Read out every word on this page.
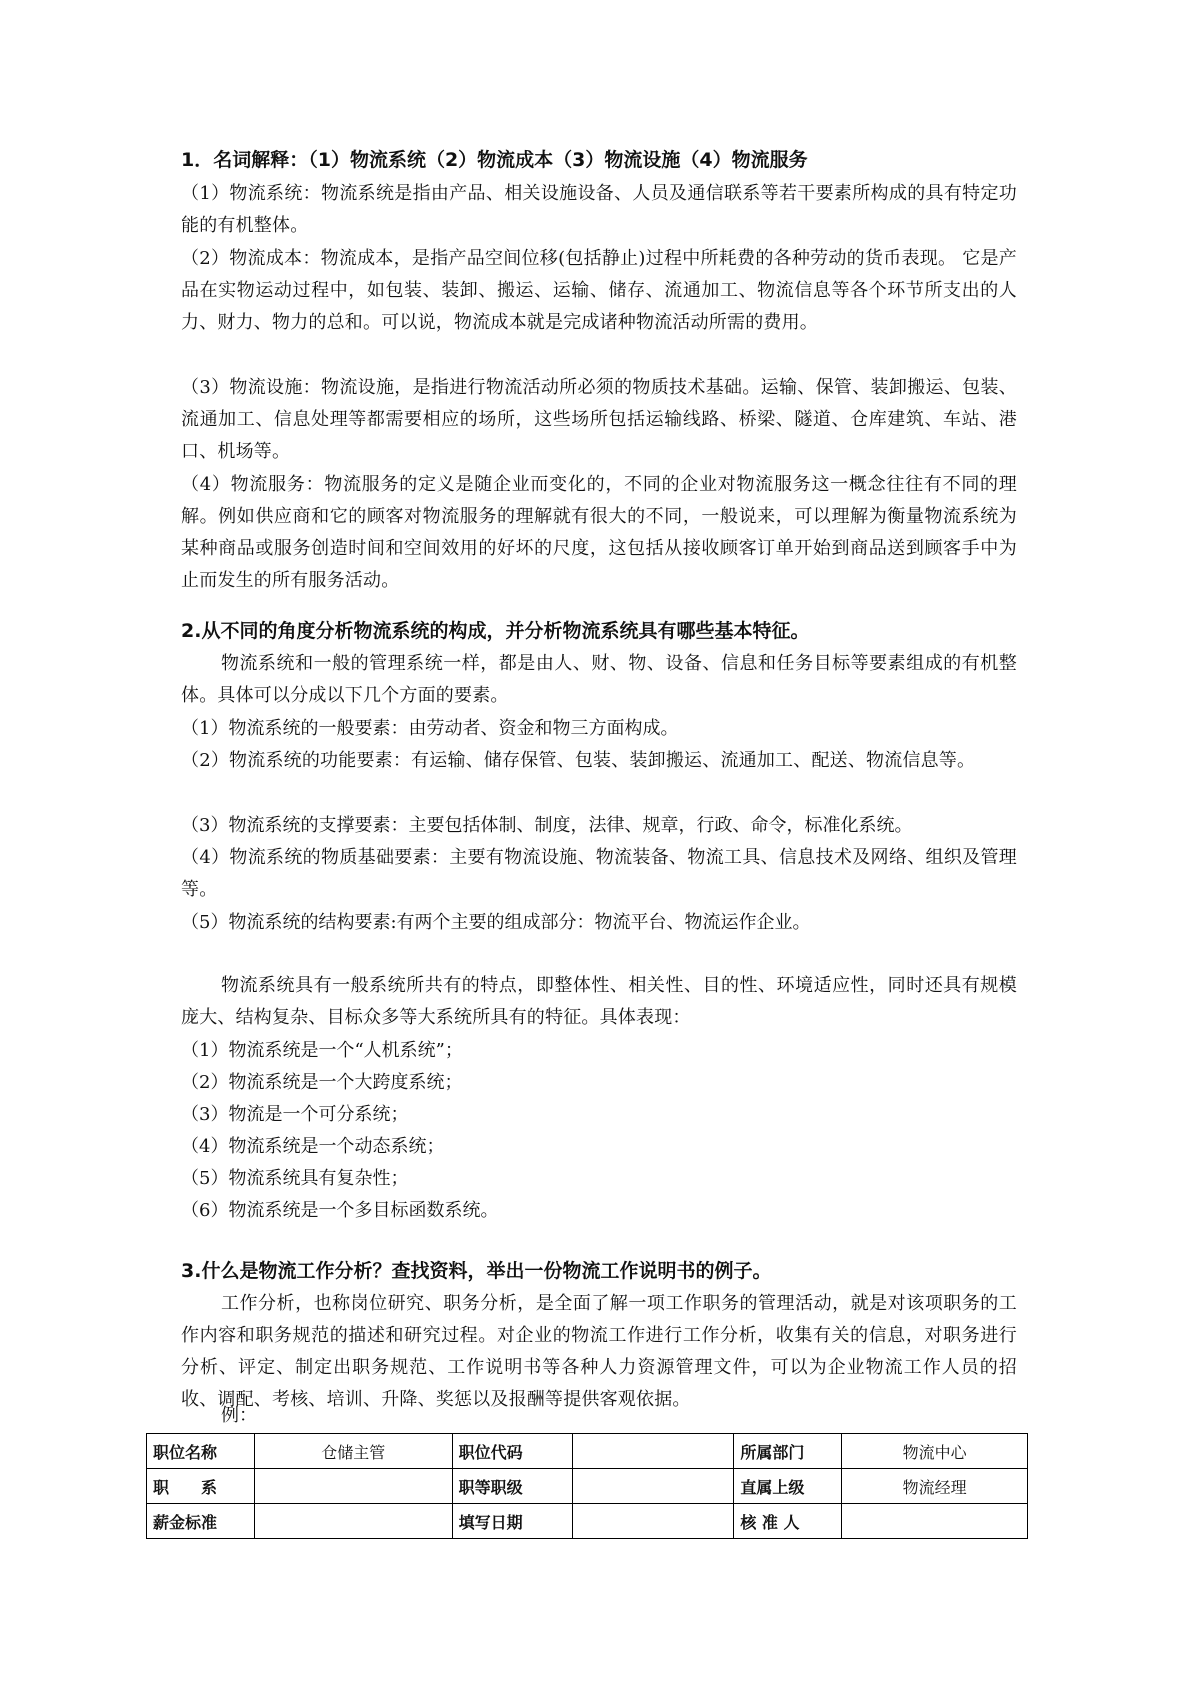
1．名词解释：（1）物流系统（2）物流成本（3）物流设施（4）物流服务
（1）物流系统：物流系统是指由产品、相关设施设备、人员及通信联系等若干要素所构成的具有特定功能的有机整体。
（2）物流成本：物流成本，是指产品空间位移(包括静止)过程中所耗费的各种劳动的货币表现。 它是产品在实物运动过程中，如包装、装卸、搬运、运输、储存、流通加工、物流信息等各个环节所支出的人力、财力、物力的总和。可以说，物流成本就是完成诸种物流活动所需的费用。
（3）物流设施：物流设施，是指进行物流活动所必须的物质技术基础。运输、保管、装卸搬运、包装、流通加工、信息处理等都需要相应的场所，这些场所包括运输线路、桥梁、隧道、仓库建筑、车站、港口、机场等。
（4）物流服务：物流服务的定义是随企业而变化的，不同的企业对物流服务这一概念往往有不同的理解。例如供应商和它的顾客对物流服务的理解就有很大的不同，一般说来，可以理解为衡量物流系统为某种商品或服务创造时间和空间效用的好坏的尺度，这包括从接收顾客订单开始到商品送到顾客手中为止而发生的所有服务活动。
2.从不同的角度分析物流系统的构成，并分析物流系统具有哪些基本特征。
物流系统和一般的管理系统一样，都是由人、财、物、设备、信息和任务目标等要素组成的有机整体。具体可以分成以下几个方面的要素。
（1）物流系统的一般要素：由劳动者、资金和物三方面构成。
（2）物流系统的功能要素：有运输、储存保管、包装、装卸搬运、流通加工、配送、物流信息等。
（3）物流系统的支撑要素：主要包括体制、制度，法律、规章，行政、命令，标准化系统。
（4）物流系统的物质基础要素：主要有物流设施、物流装备、物流工具、信息技术及网络、组织及管理等。
（5）物流系统的结构要素:有两个主要的组成部分：物流平台、物流运作企业。
物流系统具有一般系统所共有的特点，即整体性、相关性、目的性、环境适应性，同时还具有规模庞大、结构复杂、目标众多等大系统所具有的特征。具体表现：
（1）物流系统是一个“人机系统”；
（2）物流系统是一个大跨度系统；
（3）物流是一个可分系统；
（4）物流系统是一个动态系统；
（5）物流系统具有复杂性；
（6）物流系统是一个多目标函数系统。
3.什么是物流工作分析？查找资料，举出一份物流工作说明书的例子。
工作分析，也称岗位研究、职务分析，是全面了解一项工作职务的管理活动，就是对该项职务的工作内容和职务规范的描述和研究过程。对企业的物流工作进行工作分析，收集有关的信息，对职务进行分析、评定、制定出职务规范、工作说明书等各种人力资源管理文件，可以为企业物流工作人员的招收、调配、考核、培训、升降、奖惩以及报酬等提供客观依据。
例：
职位名称	仓储主管	职位代码		所属部门	物流中心
职　　系		职等职级		直属上级	物流经理
薪金标准		填写日期		核 准 人	
